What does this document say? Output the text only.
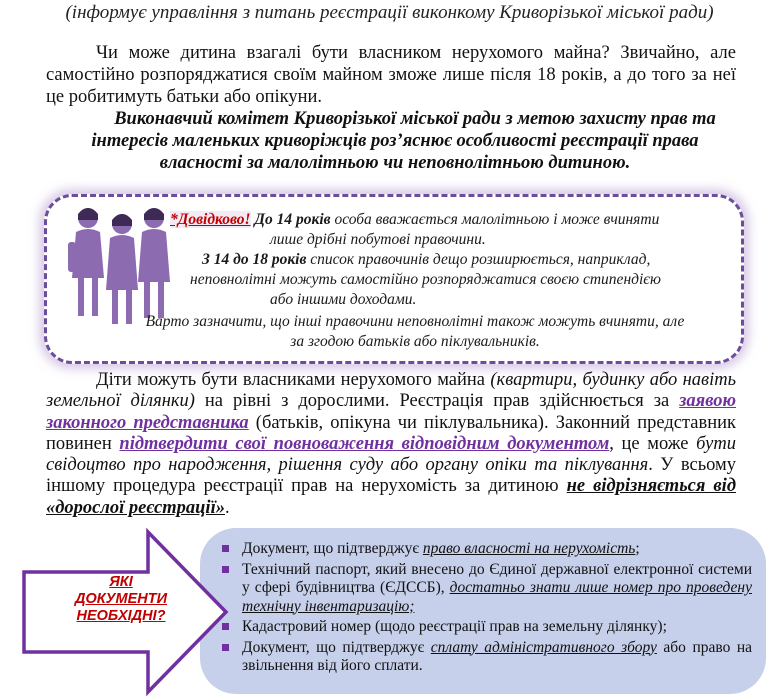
(інформує управління з питань реєстрації виконкому Криворізької міської ради)
Чи може дитина взагалі бути власником нерухомого майна? Звичайно, але самостійно розпоряджатися своїм майном зможе лише після 18 років, а до того за неї це робитимуть батьки або опікуни.
Виконавчий комітет Криворізької міської ради з метою захисту прав та
інтересів маленьких криворіжців роз’яснює особливості реєстрації права
власності за малолітньою чи неповнолітньою дитиною.
*Довідково! До 14 років особа вважається малолітньою і може вчиняти
лише дрібні побутові правочини.
З 14 до 18 років список правочинів дещо розширюється, наприклад,
неповнолітні можуть самостійно розпоряджатися своєю стипендією
або іншими доходами.
Варто зазначити, що інші правочини неповнолітні також можуть вчиняти, але
за згодою батьків або піклувальників.
Діти можуть бути власниками нерухомого майна (квартири, будинку або навіть земельної ділянки) на рівні з дорослими. Реєстрація прав здійснюється за заявою законного представника (батьків, опікуна чи піклувальника). Законний представник повинен підтвердити свої повноваження відповідним документом, це може бути свідоцтво про народження, рішення суду або органу опіки та піклування. У всьому іншому процедура реєстрації прав на нерухомість за дитиною не відрізняється від «дорослої реєстрації».
ЯКІ
ДОКУМЕНТИ
НЕОБХІДНІ?
Документ, що підтверджує право власності на нерухомість;
Технічний паспорт, який внесено до Єдиної державної електронної системи у сфері будівництва (ЄДССБ), достатньо знати лише номер про проведену технічну інвентаризацію;
Кадастровий номер (щодо реєстрації прав на земельну ділянку);
Документ, що підтверджує сплату адміністративного збору або право на звільнення від його сплати.
